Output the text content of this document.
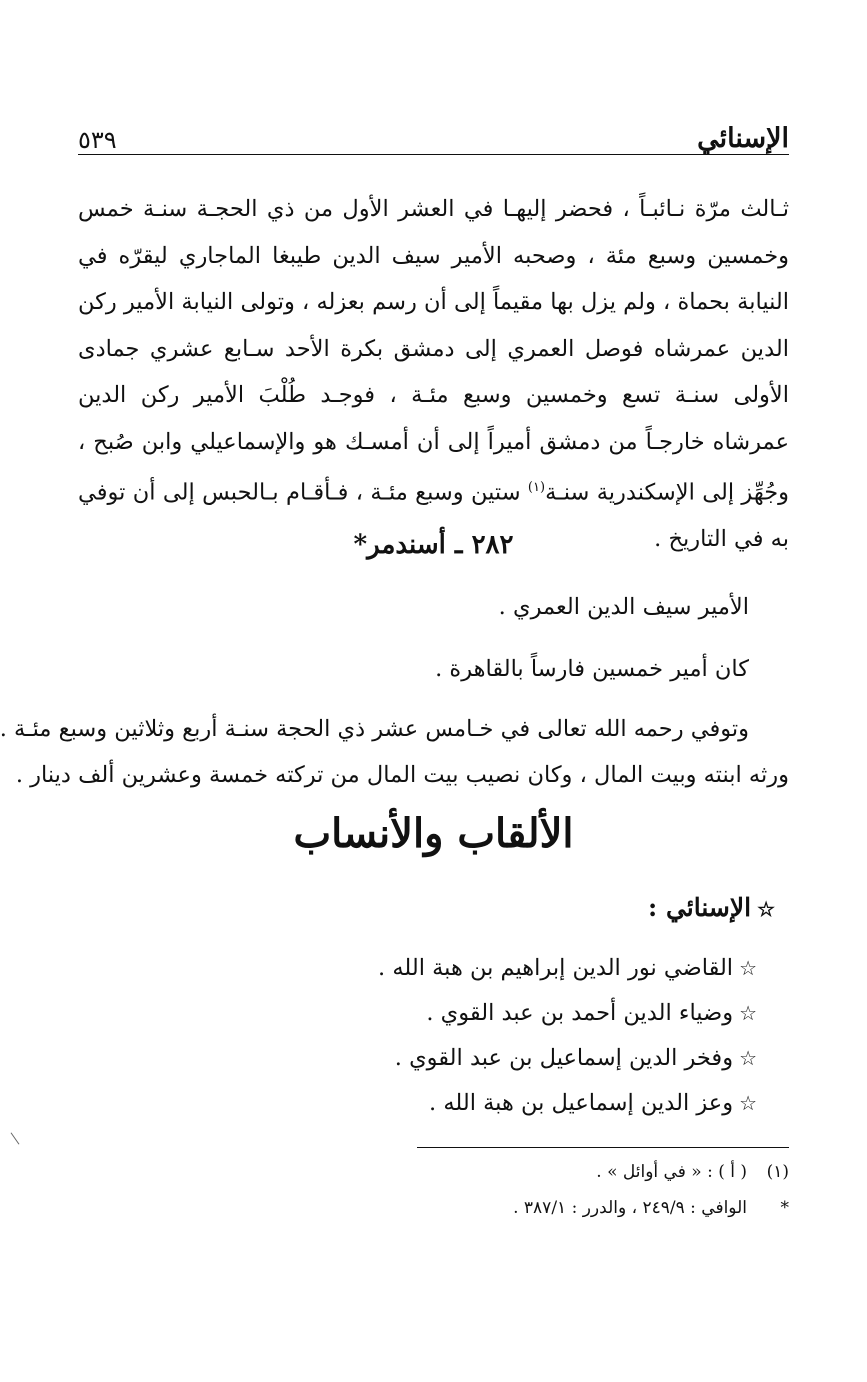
الإسنائي
٥٣٩
ثـالث مرّة نـائبـاً ، فحضر إليهـا في العشر الأول من ذي الحجـة سنـة خمس وخمسين وسبع مئة ، وصحبه الأمير سيف الدين طيبغا الماجاري ليقرّه في النيابة بحماة ، ولم يزل بها مقيماً إلى أن رسم بعزله ، وتولى النيابة الأمير ركن الدين عمرشاه فوصل العمري إلى دمشق بكرة الأحد سـابع عشري جمادى الأولى سنـة تسع وخمسين وسبع مئـة ، فوجـد طُلْبَ الأمير ركن الدين عمرشاه خارجـاً من دمشق أميراً إلى أن أمسـك هو والإسماعيلي وابن صُبح ، وجُهِّز إلى الإسكندرية سنـة$^{(١)}$ ستين وسبع مئـة ، فـأقـام بـالحبس إلى أن توفي به في التاريخ .
٢٨٢ ـ أسندمر*
الأمير سيف الدين العمري .
كان أمير خمسين فارساً بالقاهرة .
وتوفي رحمه الله تعالى في خـامس عشر ذي الحجة سنـة أربع وثلاثين وسبع مئـة .
ورثه ابنته وبيت المال ، وكان نصيب بيت المال من تركته خمسة وعشرين ألف دينار .
الألقاب والأنساب
☆الإسنائي :
☆القاضي نور الدين إبراهيم بن هبة الله .
☆وضياء الدين أحمد بن عبد القوي .
☆وفخر الدين إسماعيل بن عبد القوي .
☆وعز الدين إسماعيل بن هبة الله .
(١)( أ ) : « في أوائل » .
*الوافي : ٢٤٩/٩ ، والدرر : ٣٨٧/١ .
